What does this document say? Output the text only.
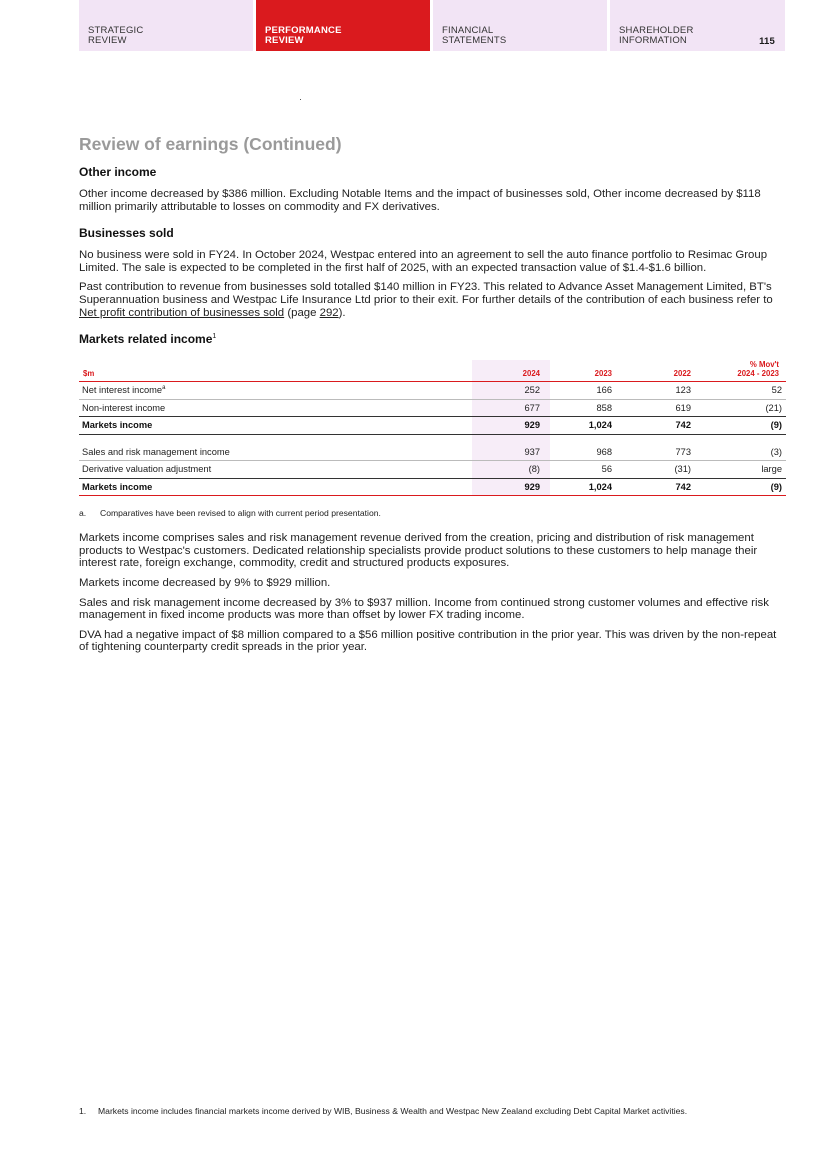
STRATEGIC
REVIEW
PERFORMANCE
REVIEW
FINANCIAL
STATEMENTS
SHAREHOLDER
INFORMATION	115
Review of earnings (Continued)
Other income

Other income decreased by $386 million. Excluding Notable Items and the impact of businesses sold, Other income decreased by $118 million primarily attributable to losses on commodity and FX derivatives.

Businesses sold

No business were sold in FY24. In October 2024, Westpac entered into an agreement to sell the auto finance portfolio to Resimac Group Limited. The sale is expected to be completed in the first half of 2025, with an expected transaction value of $1.4-$1.6 billion.

Past contribution to revenue from businesses sold totalled $140 million in FY23. This related to Advance Asset Management Limited, BT's Superannuation business and Westpac Life Insurance Ltd prior to their exit. For further details of the contribution of each business refer to Net profit contribution of businesses sold (page 292).

Markets related income$^1$
$m	2024	2023	2022	% Mov't
2024 - 2023
Net interest income$^a$	252	166	123	52
Non-interest income	677	858	619	(21)
Markets income	929	1,024	742	(9)

Sales and risk management income	937	968	773	(3)
Derivative valuation adjustment	(8)	56	(31)	large
Markets income	929	1,024	742	(9)
a.	Comparatives have been revised to align with current period presentation.

Markets income comprises sales and risk management revenue derived from the creation, pricing and distribution of risk management products to Westpac's customers. Dedicated relationship specialists provide product solutions to these customers to help manage their interest rate, foreign exchange, commodity, credit and structured products exposures.

Markets income decreased by 9% to $929 million.

Sales and risk management income decreased by 3% to $937 million. Income from continued strong customer volumes and effective risk management in fixed income products was more than offset by lower FX trading income.

DVA had a negative impact of $8 million compared to a $56 million positive contribution in the prior year. This was driven by the non-repeat of tightening counterparty credit spreads in the prior year.

1.	Markets income includes financial markets income derived by WIB, Business & Wealth and Westpac New Zealand excluding Debt Capital Market activities.
